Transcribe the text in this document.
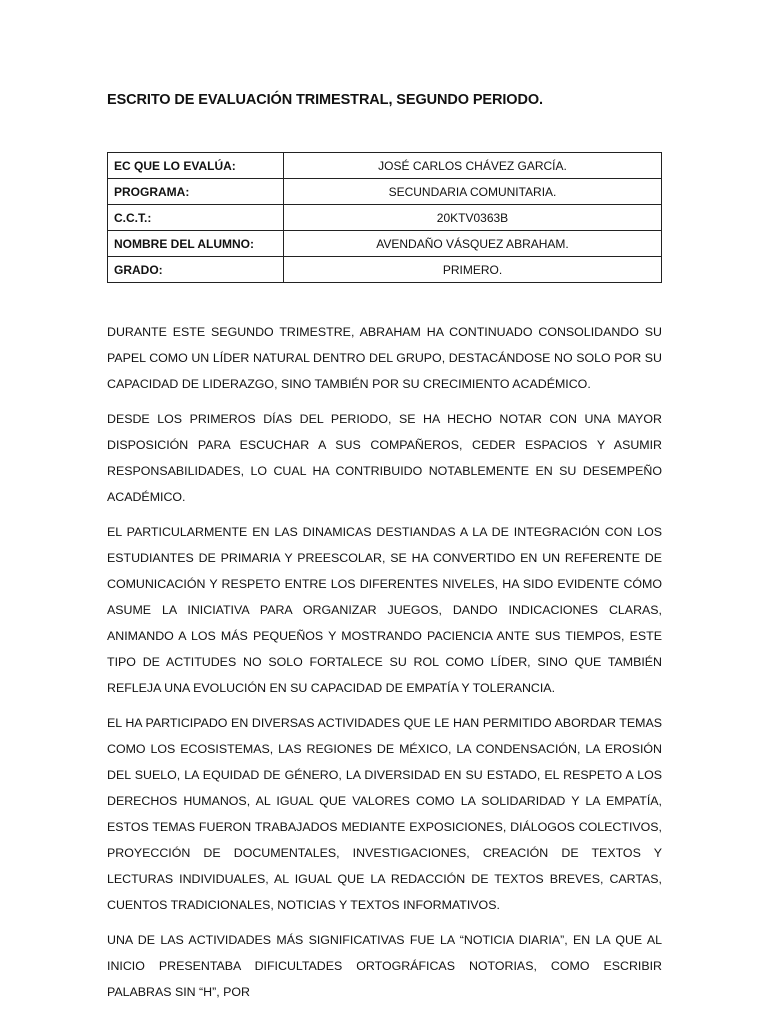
ESCRITO DE EVALUACIÓN TRIMESTRAL, SEGUNDO PERIODO.
EC QUE LO EVALÚA:	JOSÉ CARLOS CHÁVEZ GARCÍA.
PROGRAMA:	SECUNDARIA COMUNITARIA.
C.C.T.:	20KTV0363B
NOMBRE DEL ALUMNO:	AVENDAÑO VÁSQUEZ ABRAHAM.
GRADO:	PRIMERO.

DURANTE ESTE SEGUNDO TRIMESTRE, ABRAHAM HA CONTINUADO CONSOLIDANDO SU PAPEL COMO UN LÍDER NATURAL DENTRO DEL GRUPO, DESTACÁNDOSE NO SOLO POR SU CAPACIDAD DE LIDERAZGO, SINO TAMBIÉN POR SU CRECIMIENTO ACADÉMICO.

DESDE LOS PRIMEROS DÍAS DEL PERIODO, SE HA HECHO NOTAR CON UNA MAYOR DISPOSICIÓN PARA ESCUCHAR A SUS COMPAÑEROS, CEDER ESPACIOS Y ASUMIR RESPONSABILIDADES, LO CUAL HA CONTRIBUIDO NOTABLEMENTE EN SU DESEMPEÑO ACADÉMICO.

EL PARTICULARMENTE EN LAS DINAMICAS DESTIANDAS A LA DE INTEGRACIÓN CON LOS ESTUDIANTES DE PRIMARIA Y PREESCOLAR, SE HA CONVERTIDO EN UN REFERENTE DE COMUNICACIÓN Y RESPETO ENTRE LOS DIFERENTES NIVELES, HA SIDO EVIDENTE CÓMO ASUME LA INICIATIVA PARA ORGANIZAR JUEGOS, DANDO INDICACIONES CLARAS, ANIMANDO A LOS MÁS PEQUEÑOS Y MOSTRANDO PACIENCIA ANTE SUS TIEMPOS, ESTE TIPO DE ACTITUDES NO SOLO FORTALECE SU ROL COMO LÍDER, SINO QUE TAMBIÉN REFLEJA UNA EVOLUCIÓN EN SU CAPACIDAD DE EMPATÍA Y TOLERANCIA.

EL HA PARTICIPADO EN DIVERSAS ACTIVIDADES QUE LE HAN PERMITIDO ABORDAR TEMAS COMO LOS ECOSISTEMAS, LAS REGIONES DE MÉXICO, LA CONDENSACIÓN, LA EROSIÓN DEL SUELO, LA EQUIDAD DE GÉNERO, LA DIVERSIDAD EN SU ESTADO, EL RESPETO A LOS DERECHOS HUMANOS, AL IGUAL QUE VALORES COMO LA SOLIDARIDAD Y LA EMPATÍA, ESTOS TEMAS FUERON TRABAJADOS MEDIANTE EXPOSICIONES, DIÁLOGOS COLECTIVOS, PROYECCIÓN DE DOCUMENTALES, INVESTIGACIONES, CREACIÓN DE TEXTOS Y LECTURAS INDIVIDUALES, AL IGUAL QUE LA REDACCIÓN DE TEXTOS BREVES, CARTAS, CUENTOS TRADICIONALES, NOTICIAS Y TEXTOS INFORMATIVOS.

UNA DE LAS ACTIVIDADES MÁS SIGNIFICATIVAS FUE LA “NOTICIA DIARIA”, EN LA QUE AL INICIO PRESENTABA DIFICULTADES ORTOGRÁFICAS NOTORIAS, COMO ESCRIBIR PALABRAS SIN “H”, POR
